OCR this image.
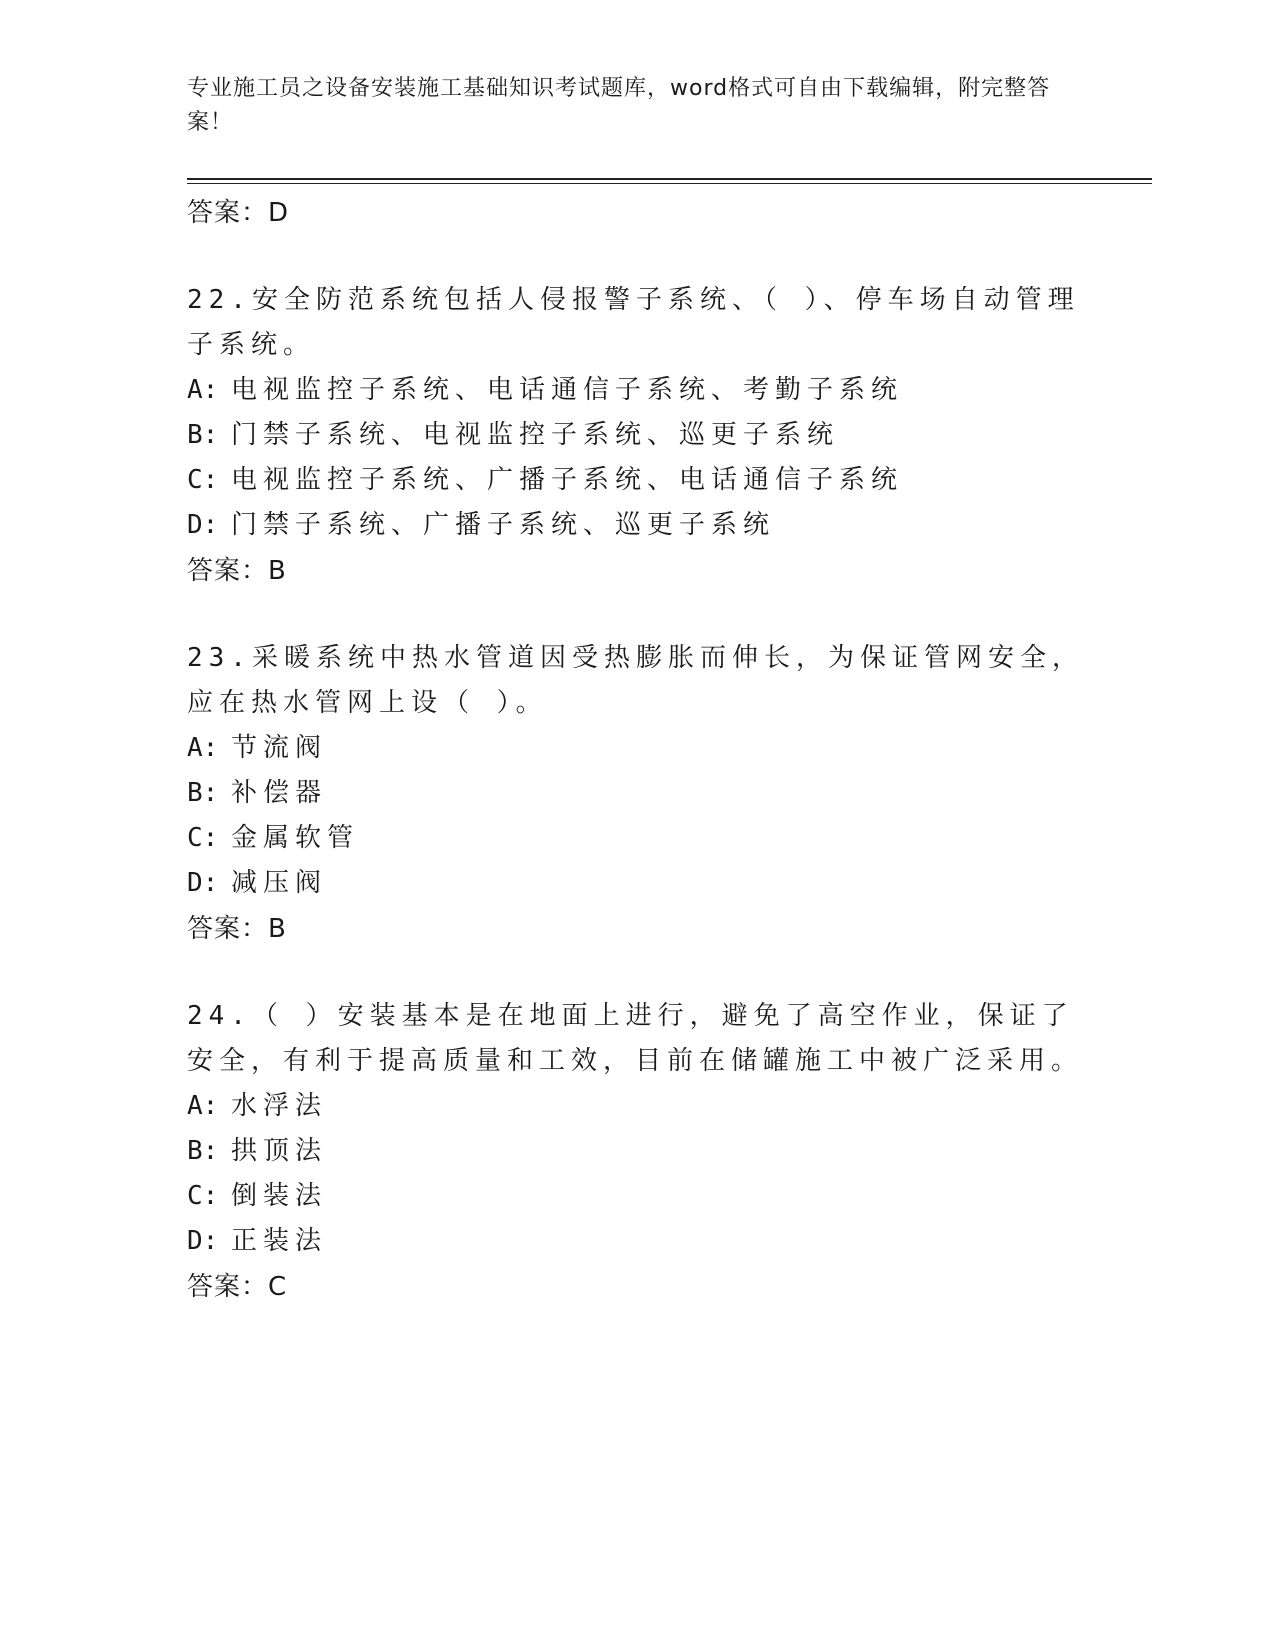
专业施工员之设备安装施工基础知识考试题库，word格式可自由下载编辑，附完整答案！
答案：D
22.安全防范系统包括人侵报警子系统、（ ）、停车场自动管理子系统。
A: 电视监控子系统、电话通信子系统、考勤子系统
B: 门禁子系统、电视监控子系统、巡更子系统
C: 电视监控子系统、广播子系统、电话通信子系统
D: 门禁子系统、广播子系统、巡更子系统
答案：B
23.采暖系统中热水管道因受热膨胀而伸长，为保证管网安全，应在热水管网上设（ ）。
A: 节流阀
B: 补偿器
C: 金属软管
D: 减压阀
答案：B
24.（ ）安装基本是在地面上进行，避免了高空作业，保证了安全，有利于提高质量和工效，目前在储罐施工中被广泛采用。
A: 水浮法
B: 拱顶法
C: 倒装法
D: 正装法
答案：C
